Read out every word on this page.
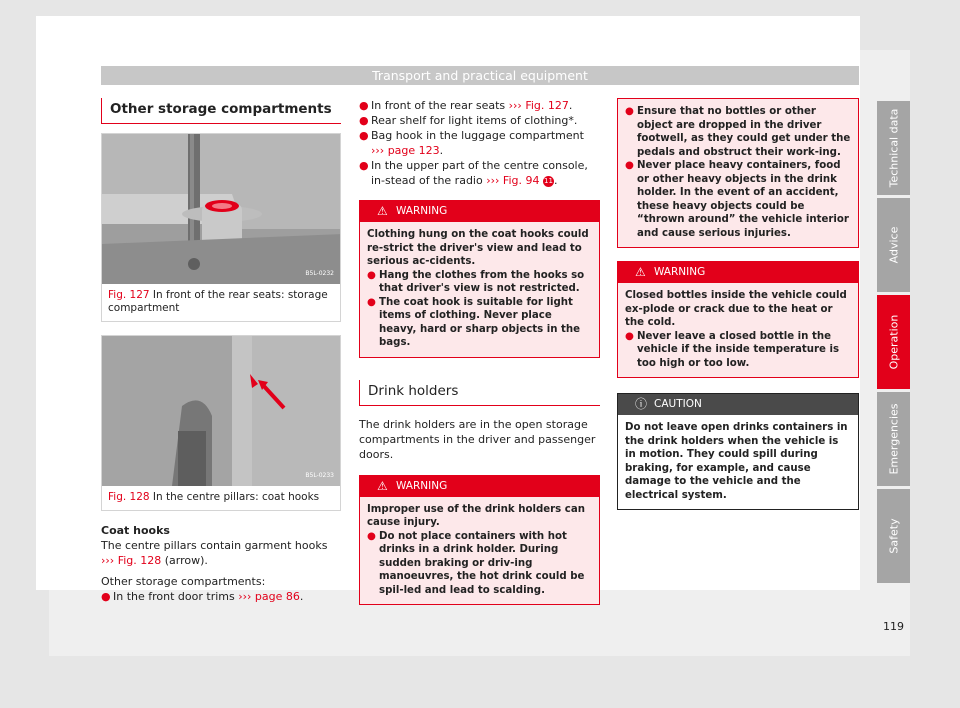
Transport and practical equipment
Other storage compartments
B5L-0232
Fig. 127 In front of the rear seats: storage compartment
B5L-0233
Fig. 128 In the centre pillars: coat hooks
Coat hooks
The centre pillars contain garment hooks ››› Fig. 128 (arrow).
Other storage compartments:
● In the front door trims ››› page 86.
● In front of the rear seats ››› Fig. 127.
● Rear shelf for light items of clothing*.
● Bag hook in the luggage compartment ››› page 123.
● In the upper part of the centre console, in-stead of the radio ››› Fig. 94 11.
⚠ WARNING
Clothing hung on the coat hooks could re-strict the driver's view and lead to serious ac-cidents.
● Hang the clothes from the hooks so that driver's view is not restricted.
● The coat hook is suitable for light items of clothing. Never place heavy, hard or sharp objects in the bags.
Drink holders
The drink holders are in the open storage compartments in the driver and passenger doors.
⚠ WARNING
Improper use of the drink holders can cause injury.
● Do not place containers with hot drinks in a drink holder. During sudden braking or driv-ing manoeuvres, the hot drink could be spil-led and lead to scalding.
● Ensure that no bottles or other object are dropped in the driver footwell, as they could get under the pedals and obstruct their work-ing.
● Never place heavy containers, food or other heavy objects in the drink holder. In the event of an accident, these heavy objects could be “thrown around” the vehicle interior and cause serious injuries.
⚠ WARNING
Closed bottles inside the vehicle could ex-plode or crack due to the heat or the cold.
● Never leave a closed bottle in the vehicle if the inside temperature is too high or too low.
ⓘ CAUTION
Do not leave open drinks containers in the drink holders when the vehicle is in motion. They could spill during braking, for example, and cause damage to the vehicle and the electrical system.
Technical data
Advice
Operation
Emergencies
Safety
119
